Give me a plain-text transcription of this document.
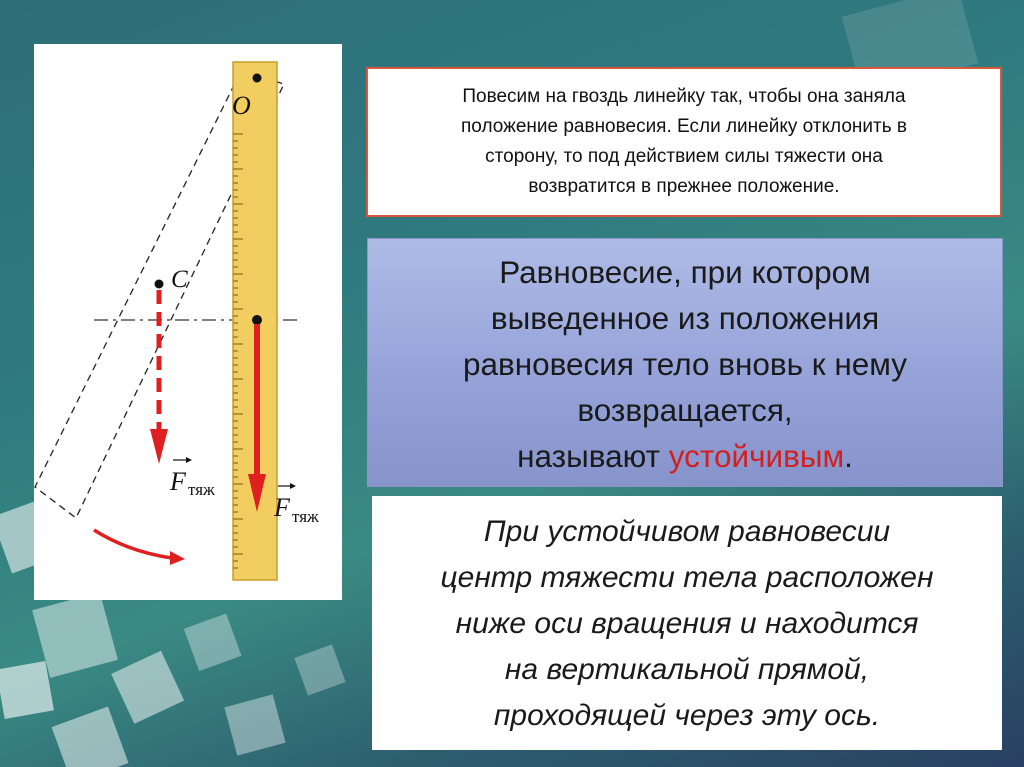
O
C
F тяж
F тяж
Повесим на гвоздь линейку так, чтобы она заняла
положение равновесия. Если линейку отклонить в
сторону, то под действием силы тяжести она
возвратится в прежнее положение.
Равновесие, при котором
выведенное из положения
равновесия тело вновь к нему
возвращается,
называют устойчивым.
При устойчивом равновесии
центр тяжести тела расположен
ниже оси вращения и находится
на вертикальной прямой,
проходящей через эту ось.
